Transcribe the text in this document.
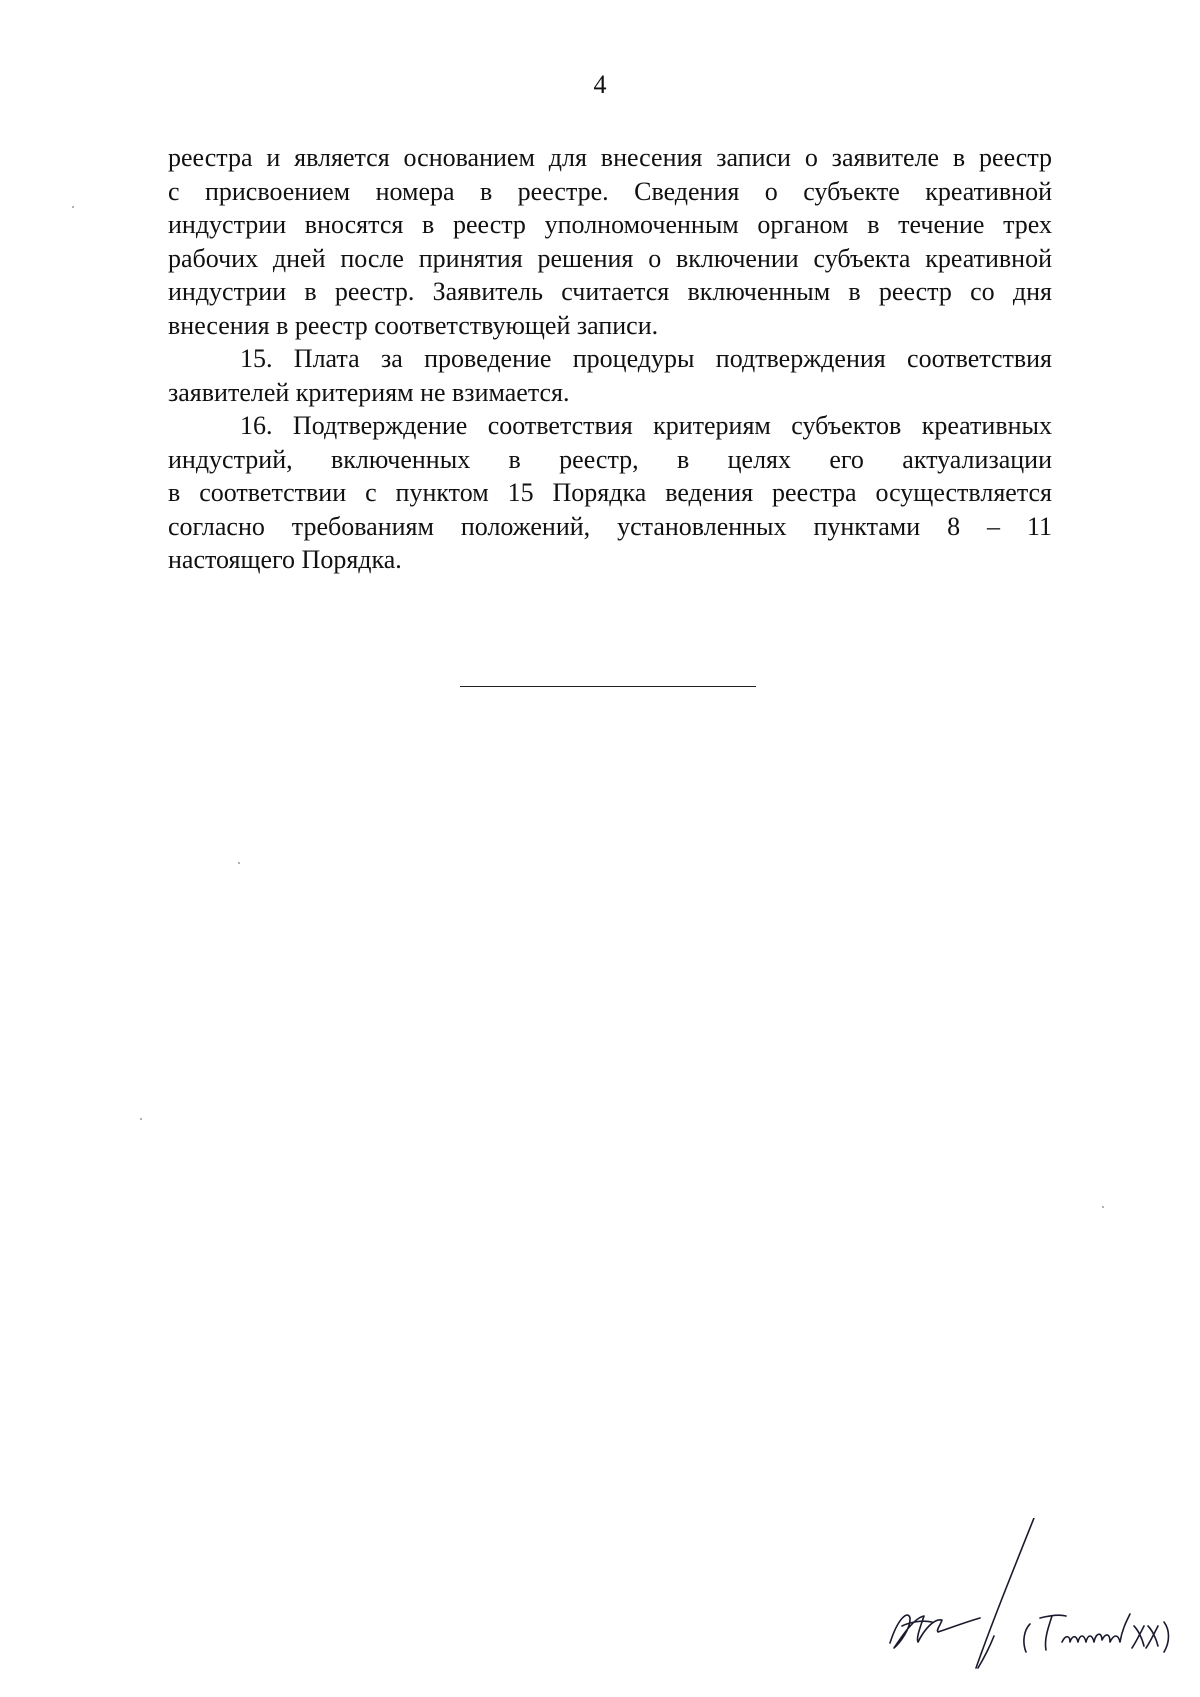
4
реестра и является основанием для внесения записи о заявителе в реестр
с присвоением номера в реестре. Сведения о субъекте креативной
индустрии вносятся в реестр уполномоченным органом в течение трех
рабочих дней после принятия решения о включении субъекта креативной
индустрии в реестр. Заявитель считается включенным в реестр со дня
внесения в реестр соответствующей записи.
15. Плата за проведение процедуры подтверждения соответствия
заявителей критериям не взимается.
16. Подтверждение соответствия критериям субъектов креативных
индустрий, включенных в реестр, в целях его актуализации
в соответствии с пунктом 15 Порядка ведения реестра осуществляется
согласно требованиям положений, установленных пунктами 8 – 11
настоящего Порядка.
